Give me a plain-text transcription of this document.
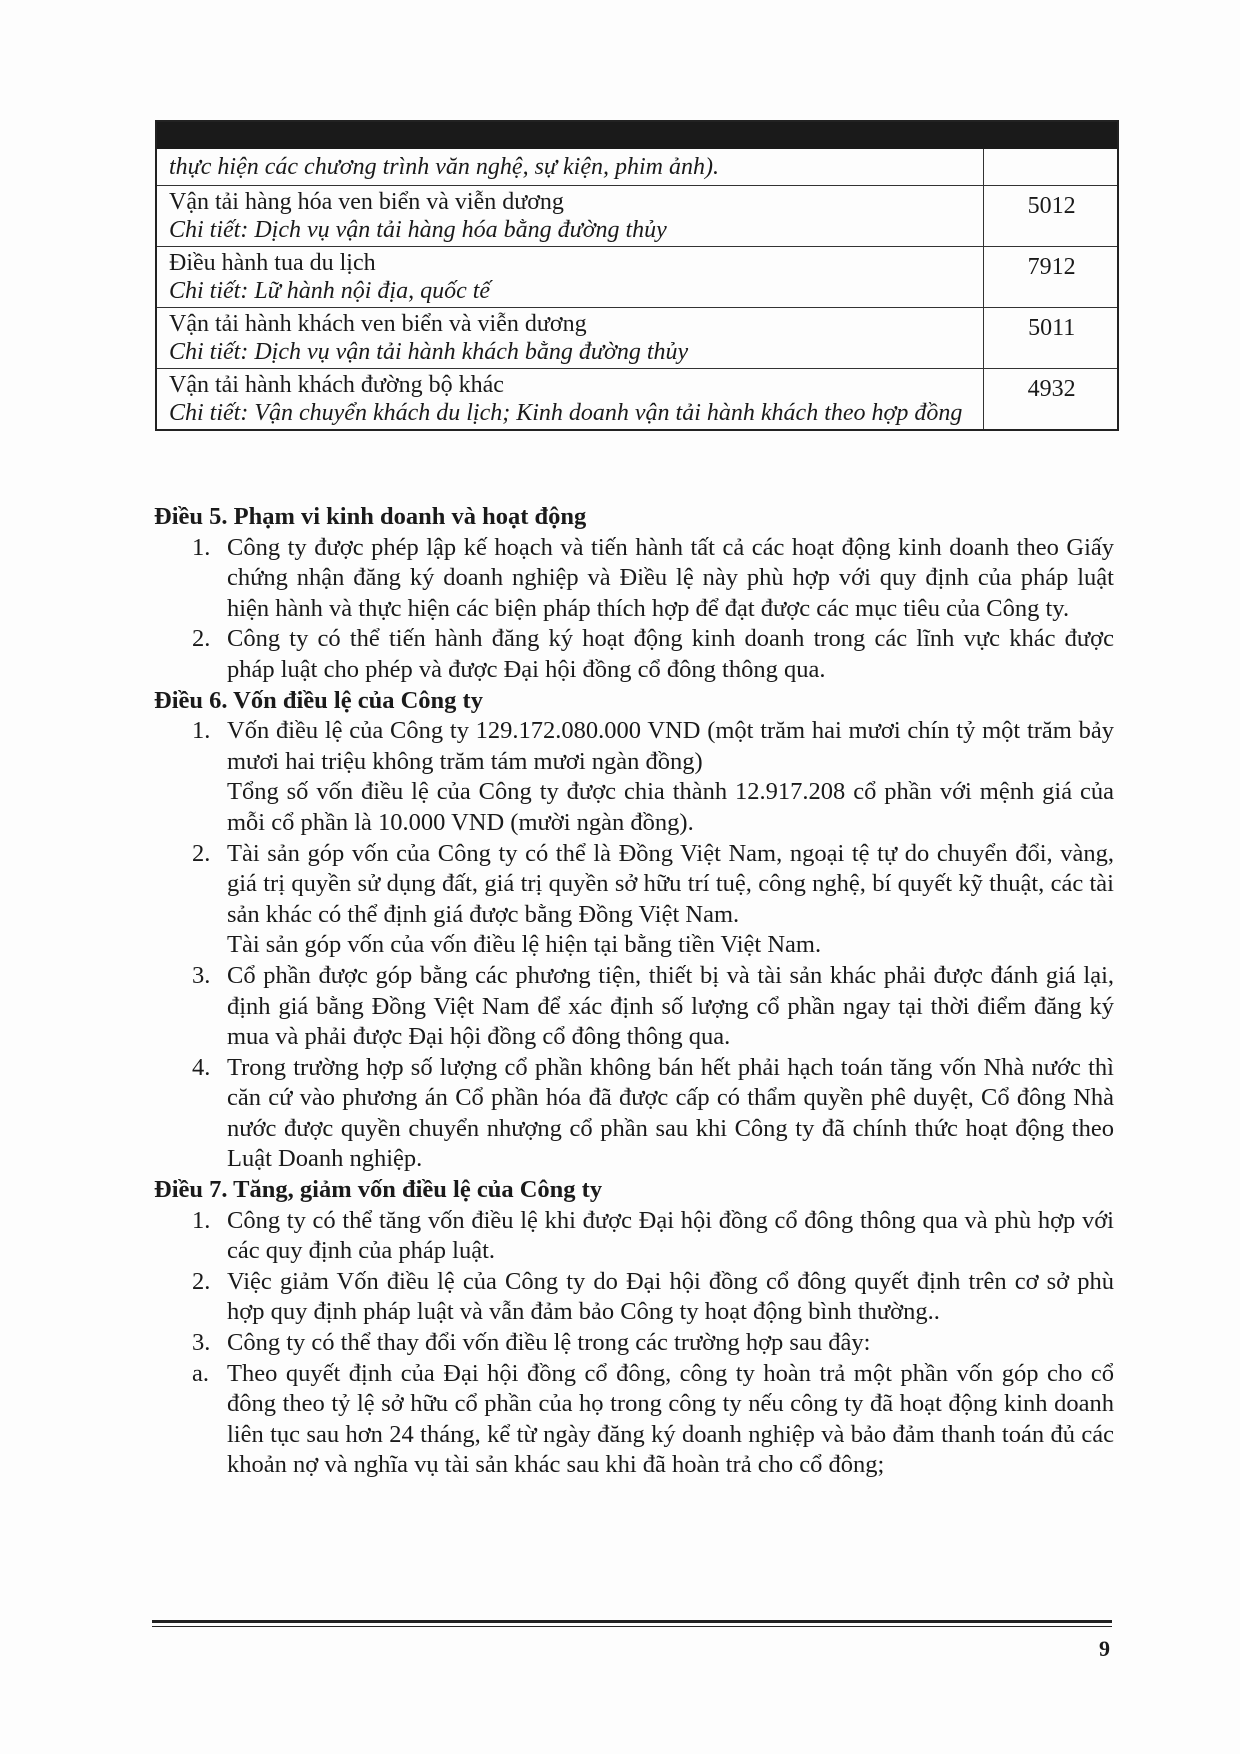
thực hiện các chương trình văn nghệ, sự kiện, phim ảnh).	

Vận tải hàng hóa ven biển và viễn dương
Chi tiết: Dịch vụ vận tải hàng hóa bằng đường thủy	5012
Điều hành tua du lịch
Chi tiết: Lữ hành nội địa, quốc tế	7912
Vận tải hành khách ven biển và viễn dương
Chi tiết: Dịch vụ vận tải hành khách bằng đường thủy	5011
Vận tải hành khách đường bộ khác
Chi tiết: Vận chuyển khách du lịch; Kinh doanh vận tải hành khách theo hợp đồng	4932

Điều 5. Phạm vi kinh doanh và hoạt động

1. Công ty được phép lập kế hoạch và tiến hành tất cả các hoạt động kinh doanh theo Giấy chứng nhận đăng ký doanh nghiệp và Điều lệ này phù hợp với quy định của pháp luật hiện hành và thực hiện các biện pháp thích hợp để đạt được các mục tiêu của Công ty.
2. Công ty có thể tiến hành đăng ký hoạt động kinh doanh trong các lĩnh vực khác được pháp luật cho phép và được Đại hội đồng cổ đông thông qua.

Điều 6. Vốn điều lệ của Công ty

1. Vốn điều lệ của Công ty 129.172.080.000 VND (một trăm hai mươi chín tỷ một trăm bảy mươi hai triệu không trăm tám mươi ngàn đồng)
Tổng số vốn điều lệ của Công ty được chia thành 12.917.208 cổ phần với mệnh giá của mỗi cổ phần là 10.000 VND (mười ngàn đồng).
2. Tài sản góp vốn của Công ty có thể là Đồng Việt Nam, ngoại tệ tự do chuyển đổi, vàng, giá trị quyền sử dụng đất, giá trị quyền sở hữu trí tuệ, công nghệ, bí quyết kỹ thuật, các tài sản khác có thể định giá được bằng Đồng Việt Nam.
Tài sản góp vốn của vốn điều lệ hiện tại bằng tiền Việt Nam.
3. Cổ phần được góp bằng các phương tiện, thiết bị và tài sản khác phải được đánh giá lại, định giá bằng Đồng Việt Nam để xác định số lượng cổ phần ngay tại thời điểm đăng ký mua và phải được Đại hội đồng cổ đông thông qua.
4. Trong trường hợp số lượng cổ phần không bán hết phải hạch toán tăng vốn Nhà nước thì căn cứ vào phương án Cổ phần hóa đã được cấp có thẩm quyền phê duyệt, Cổ đông Nhà nước được quyền chuyển nhượng cổ phần sau khi Công ty đã chính thức hoạt động theo Luật Doanh nghiệp.

Điều 7. Tăng, giảm vốn điều lệ của Công ty

1. Công ty có thể tăng vốn điều lệ khi được Đại hội đồng cổ đông thông qua và phù hợp với các quy định của pháp luật.
2. Việc giảm Vốn điều lệ của Công ty do Đại hội đồng cổ đông quyết định trên cơ sở phù hợp quy định pháp luật và vẫn đảm bảo Công ty hoạt động bình thường..
3. Công ty có thể thay đổi vốn điều lệ trong các trường hợp sau đây:
a. Theo quyết định của Đại hội đồng cổ đông, công ty hoàn trả một phần vốn góp cho cổ đông theo tỷ lệ sở hữu cổ phần của họ trong công ty nếu công ty đã hoạt động kinh doanh liên tục sau hơn 24 tháng, kể từ ngày đăng ký doanh nghiệp và bảo đảm thanh toán đủ các khoản nợ và nghĩa vụ tài sản khác sau khi đã hoàn trả cho cổ đông;
9
